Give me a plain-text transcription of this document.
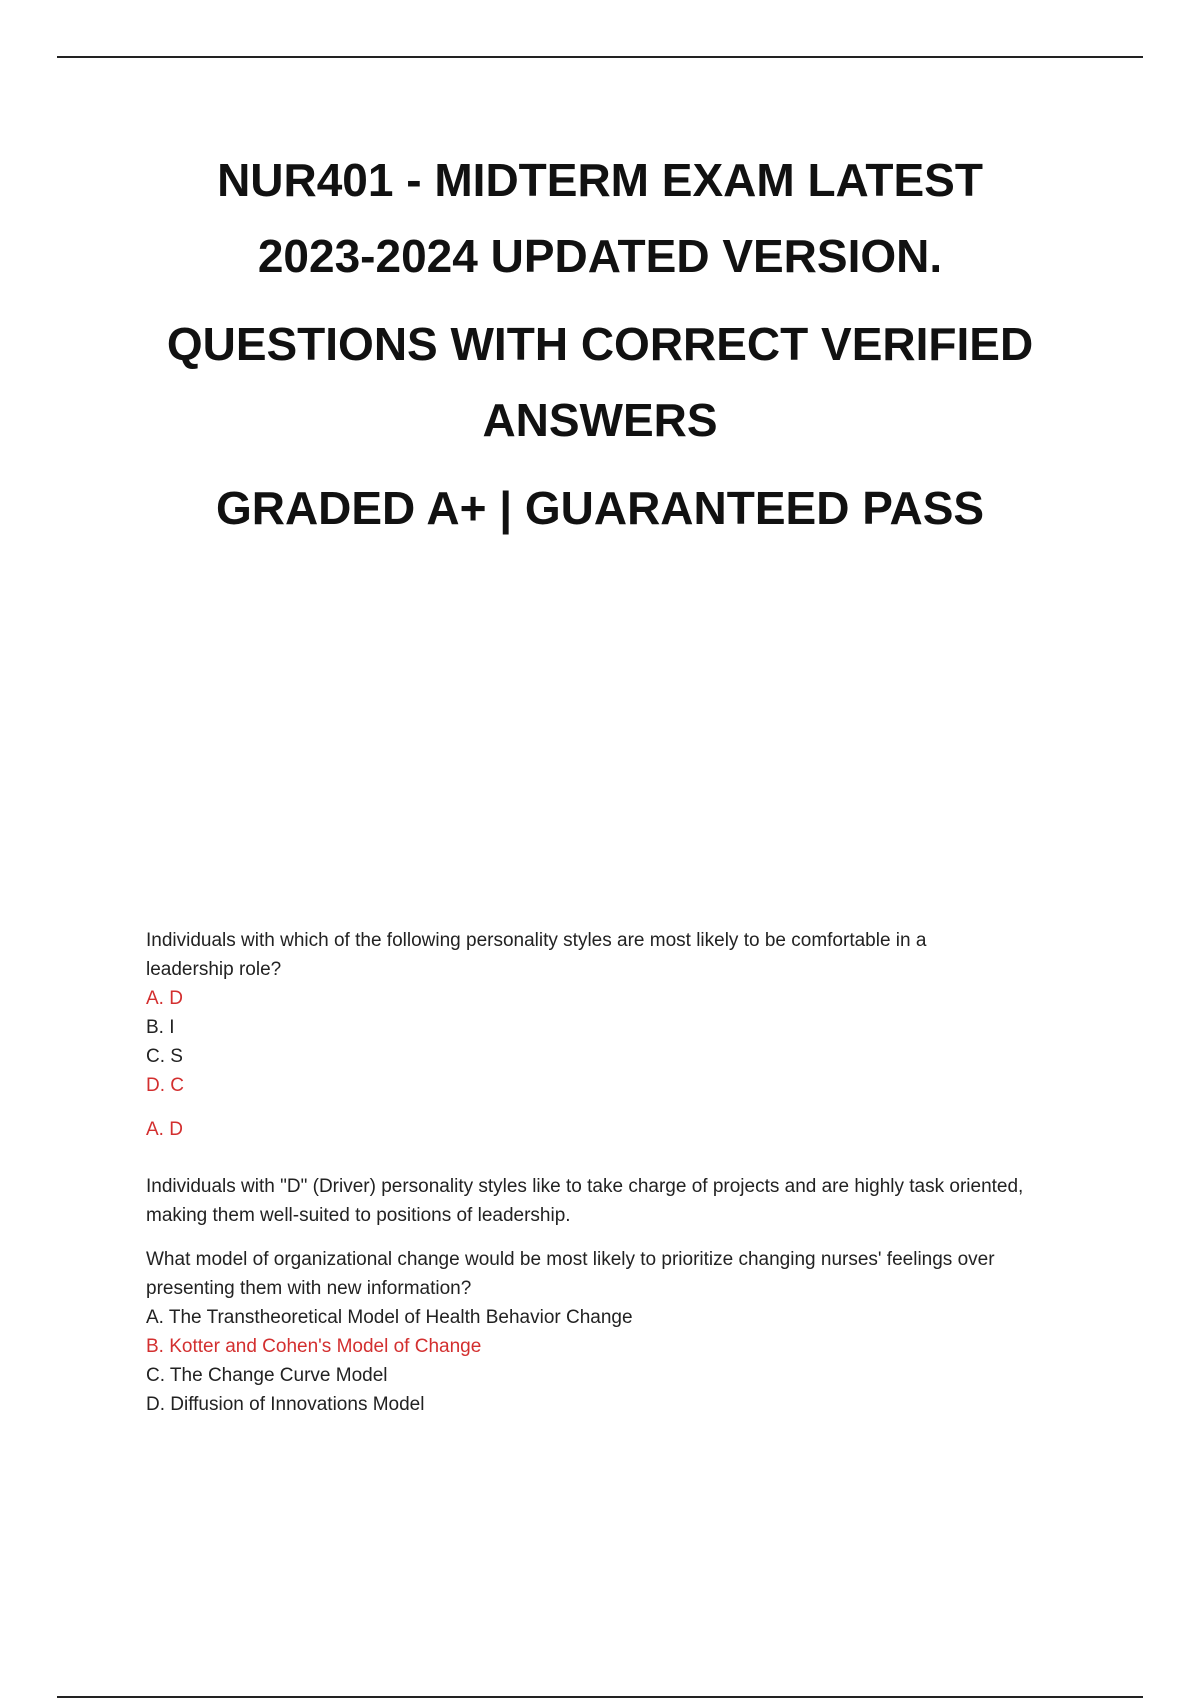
NUR401 - MIDTERM EXAM LATEST

2023-2024 UPDATED VERSION.

QUESTIONS WITH CORRECT VERIFIED

ANSWERS

GRADED A+ | GUARANTEED PASS

Individuals with which of the following personality styles are most likely to be comfortable in a

leadership role?

A. D

B. I

C. S

D. C

A. D

Individuals with "D" (Driver) personality styles like to take charge of projects and are highly task oriented,

making them well-suited to positions of leadership.

What model of organizational change would be most likely to prioritize changing nurses' feelings over

presenting them with new information?

A. The Transtheoretical Model of Health Behavior Change

B. Kotter and Cohen's Model of Change

C. The Change Curve Model

D. Diffusion of Innovations Model
